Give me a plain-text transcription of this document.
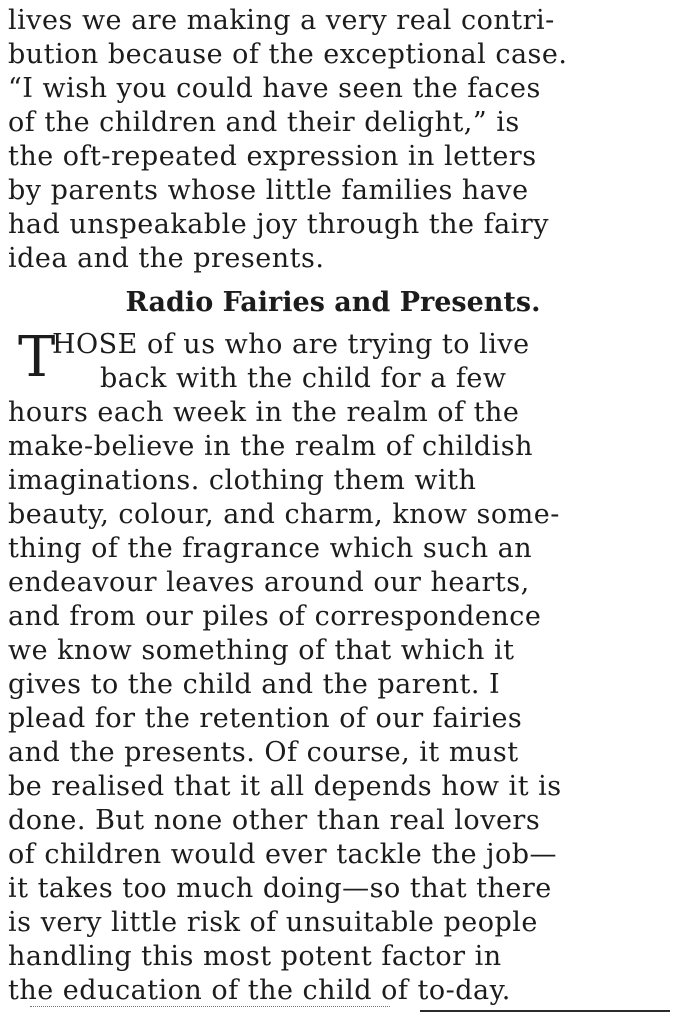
lives we are making a very real contri-
bution because of the exceptional case.
“I wish you could have seen the faces
of the children and their delight,” is
the oft-repeated expression in letters
by parents whose little families have
had unspeakable joy through the fairy
idea and the presents.
Radio Fairies and Presents.
T
HOSE of us who are trying to live
back with the child for a few
hours each week in the realm of the
make-believe in the realm of childish
imaginations. clothing them with
beauty, colour, and charm, know some-
thing of the fragrance which such an
endeavour leaves around our hearts,
and from our piles of correspondence
we know something of that which it
gives to the child and the parent. I
plead for the retention of our fairies
and the presents. Of course, it must
be realised that it all depends how it is
done. But none other than real lovers
of children would ever tackle the job—
it takes too much doing—so that there
is very little risk of unsuitable people
handling this most potent factor in
the education of the child of to-day.
